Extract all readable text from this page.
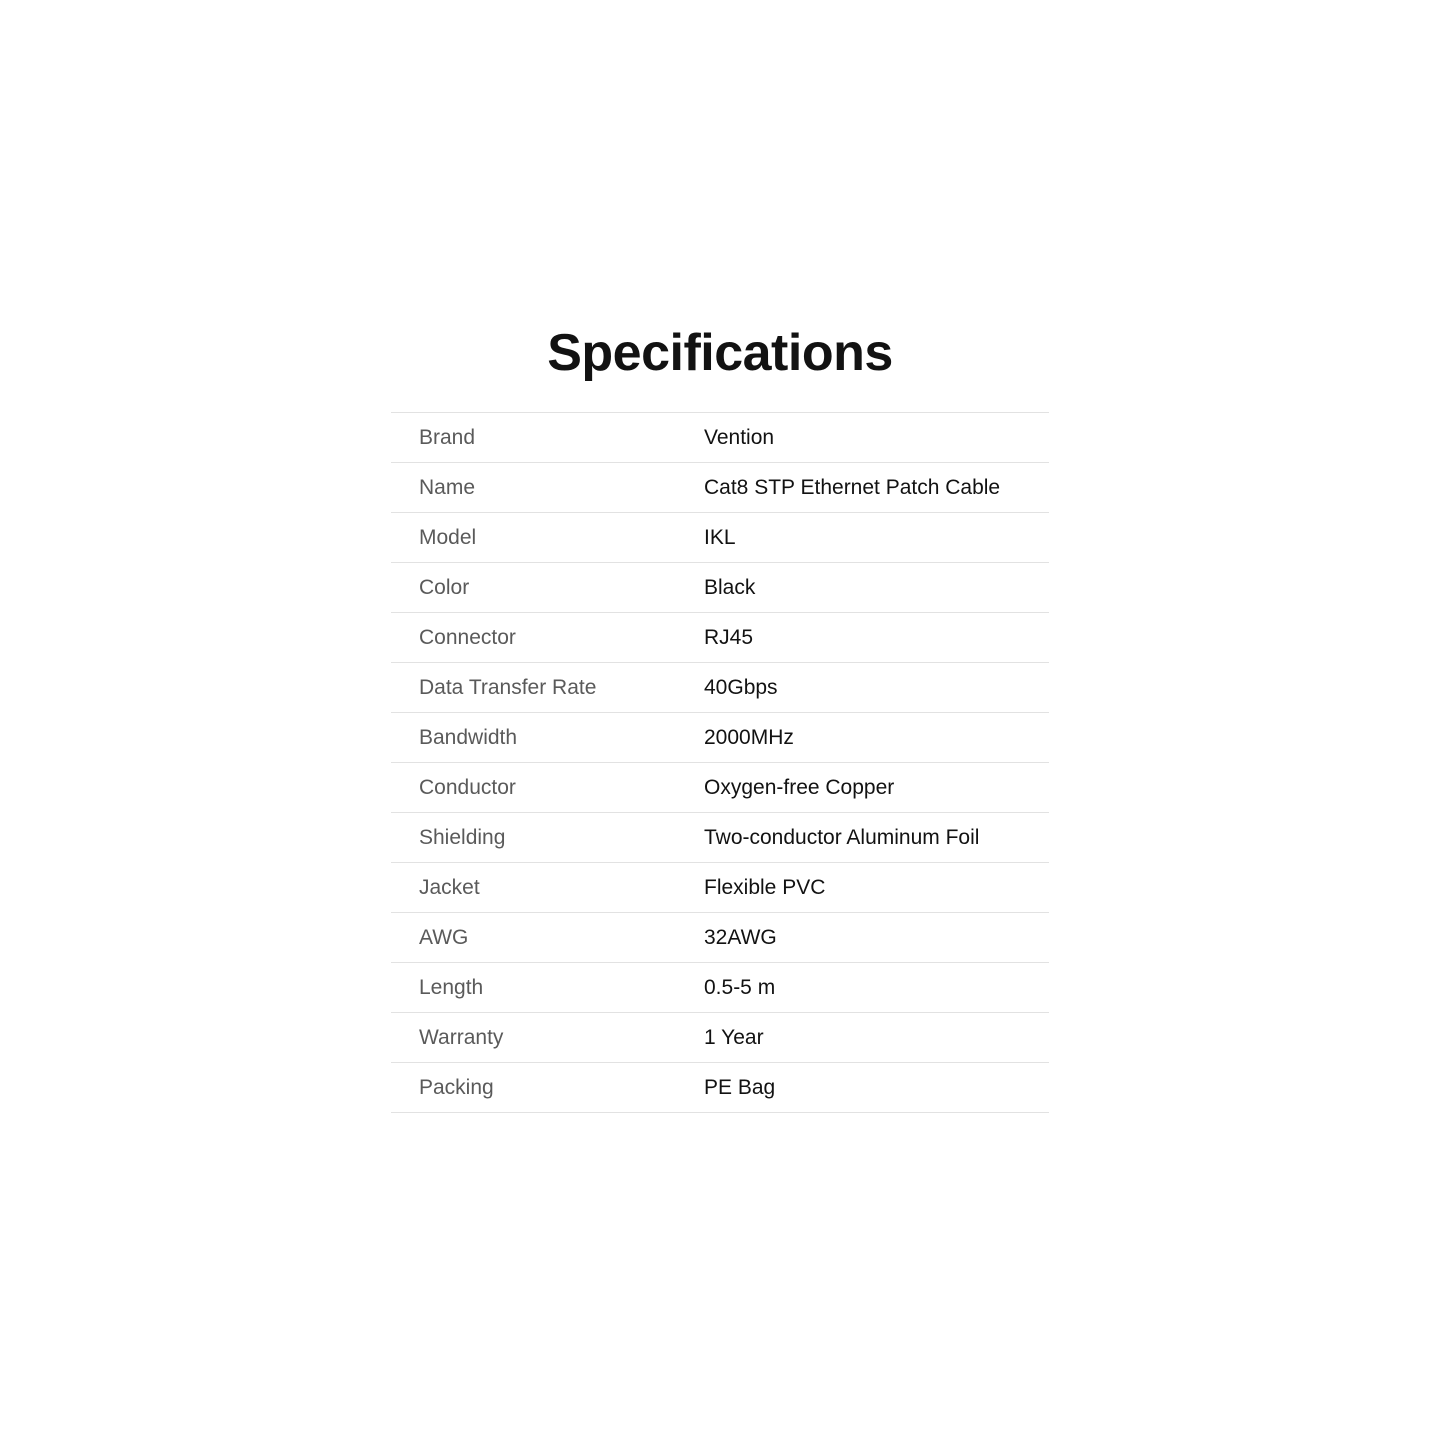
Specifications
Brand	Vention
Name	Cat8 STP Ethernet Patch Cable
Model	IKL
Color	Black
Connector	RJ45
Data Transfer Rate	40Gbps
Bandwidth	2000MHz
Conductor	Oxygen-free Copper
Shielding	Two-conductor Aluminum Foil
Jacket	Flexible PVC
AWG	32AWG
Length	0.5-5 m
Warranty	1 Year
Packing	PE Bag
